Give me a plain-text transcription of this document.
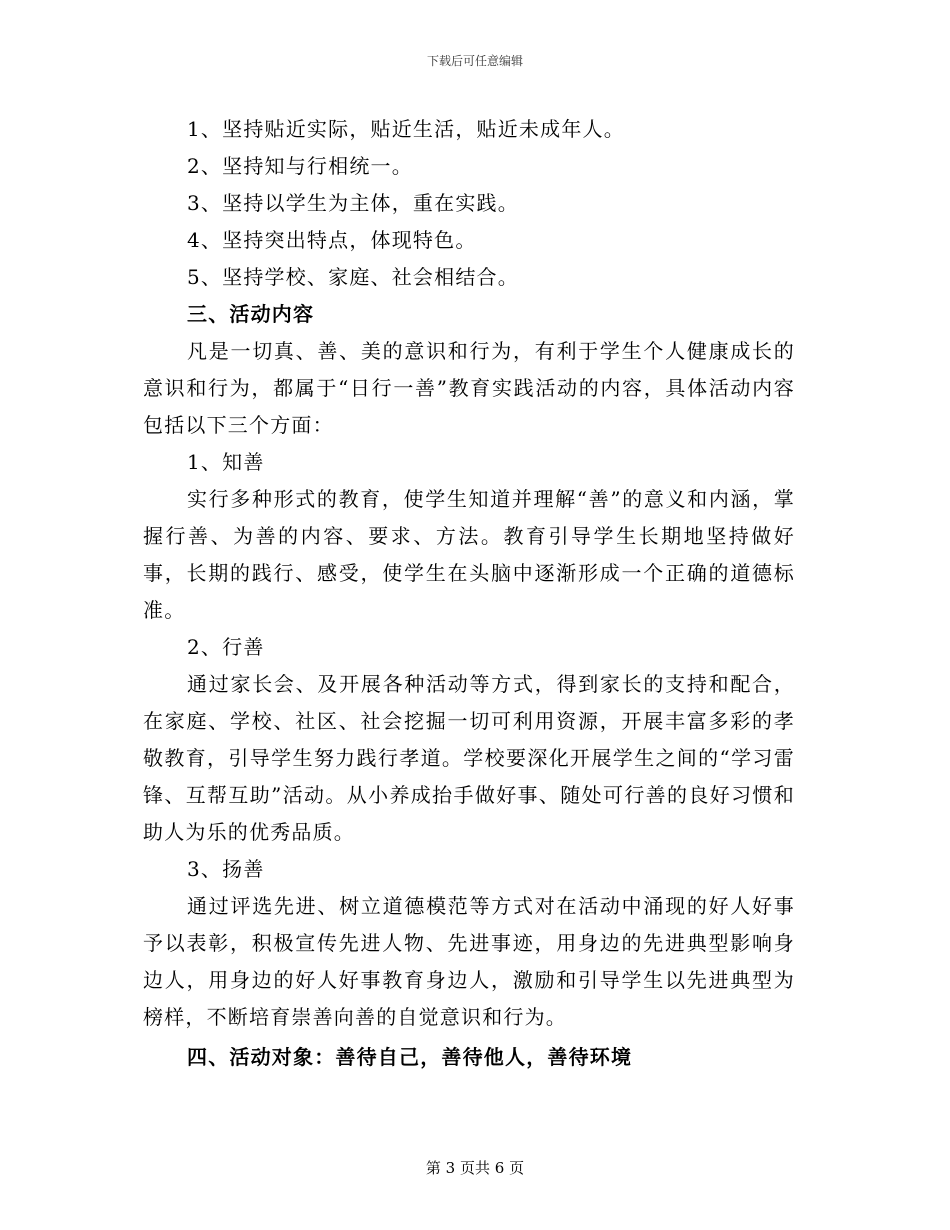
下载后可任意编辑

1、坚持贴近实际，贴近生活，贴近未成年人。

2、坚持知与行相统一。

3、坚持以学生为主体，重在实践。

4、坚持突出特点，体现特色。

5、坚持学校、家庭、社会相结合。

三、活动内容

凡是一切真、善、美的意识和行为，有利于学生个人健康成长的意识和行为，都属于“日行一善”教育实践活动的内容，具体活动内容包括以下三个方面：

1、知善

实行多种形式的教育，使学生知道并理解“善”的意义和内涵，掌握行善、为善的内容、要求、方法。教育引导学生长期地坚持做好事，长期的践行、感受，使学生在头脑中逐渐形成一个正确的道德标准。

2、行善

通过家长会、及开展各种活动等方式，得到家长的支持和配合，在家庭、学校、社区、社会挖掘一切可利用资源，开展丰富多彩的孝敬教育，引导学生努力践行孝道。学校要深化开展学生之间的“学习雷锋、互帮互助”活动。从小养成抬手做好事、随处可行善的良好习惯和助人为乐的优秀品质。

3、扬善

通过评选先进、树立道德模范等方式对在活动中涌现的好人好事予以表彰，积极宣传先进人物、先进事迹，用身边的先进典型影响身边人，用身边的好人好事教育身边人，激励和引导学生以先进典型为榜样，不断培育崇善向善的自觉意识和行为。

四、活动对象：善待自己，善待他人，善待环境

第 3 页共 6 页
